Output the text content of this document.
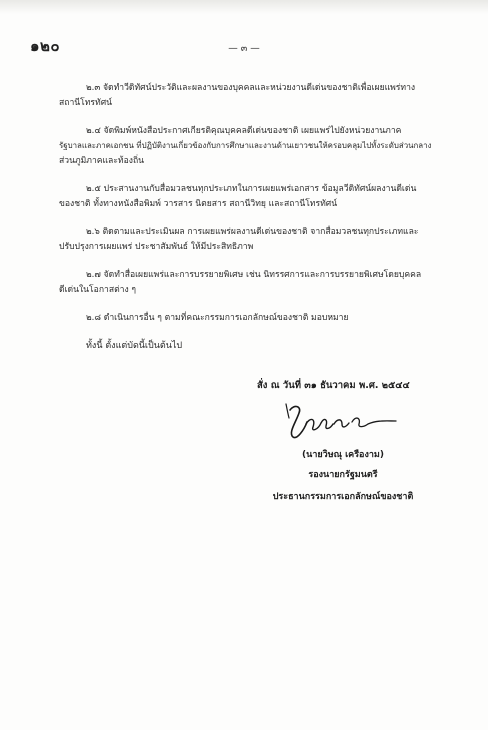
๑๒๐	— ๓ —
๒.๓ จัดทำวีดิทัศน์ประวัติและผลงานของบุคคลและหน่วยงานดีเด่นของชาติเพื่อเผยแพร่ทาง
สถานีโทรทัศน์
๒.๔ จัดพิมพ์หนังสือประกาศเกียรติคุณบุคคลดีเด่นของชาติ เผยแพร่ไปยังหน่วยงานภาค
รัฐบาลและภาคเอกชน ที่ปฏิบัติงานเกี่ยวข้องกับการศึกษาและงานด้านเยาวชนให้ครอบคลุมไปทั้งระดับส่วนกลาง
ส่วนภูมิภาคและท้องถิ่น
๒.๕ ประสานงานกับสื่อมวลชนทุกประเภทในการเผยแพร่เอกสาร ข้อมูลวีดิทัศน์ผลงานดีเด่น
ของชาติ ทั้งทางหนังสือพิมพ์ วารสาร นิตยสาร สถานีวิทยุ และสถานีโทรทัศน์
๒.๖ ติดตามและประเมินผล การเผยแพร่ผลงานดีเด่นของชาติ จากสื่อมวลชนทุกประเภทและ
ปรับปรุงการเผยแพร่ ประชาสัมพันธ์ ให้มีประสิทธิภาพ
๒.๗ จัดทำสื่อเผยแพร่และการบรรยายพิเศษ เช่น นิทรรศการและการบรรยายพิเศษโดยบุคคล
ดีเด่นในโอกาสต่าง ๆ
๒.๘ ดำเนินการอื่น ๆ ตามที่คณะกรรมการเอกลักษณ์ของชาติ มอบหมาย
ทั้งนี้ ตั้งแต่บัดนี้เป็นต้นไป
สั่ง ณ วันที่ ๓๑ ธันวาคม พ.ศ. ๒๕๔๔
(นายวิษณุ เครืองาม)
รองนายกรัฐมนตรี
ประธานกรรมการเอกลักษณ์ของชาติ
